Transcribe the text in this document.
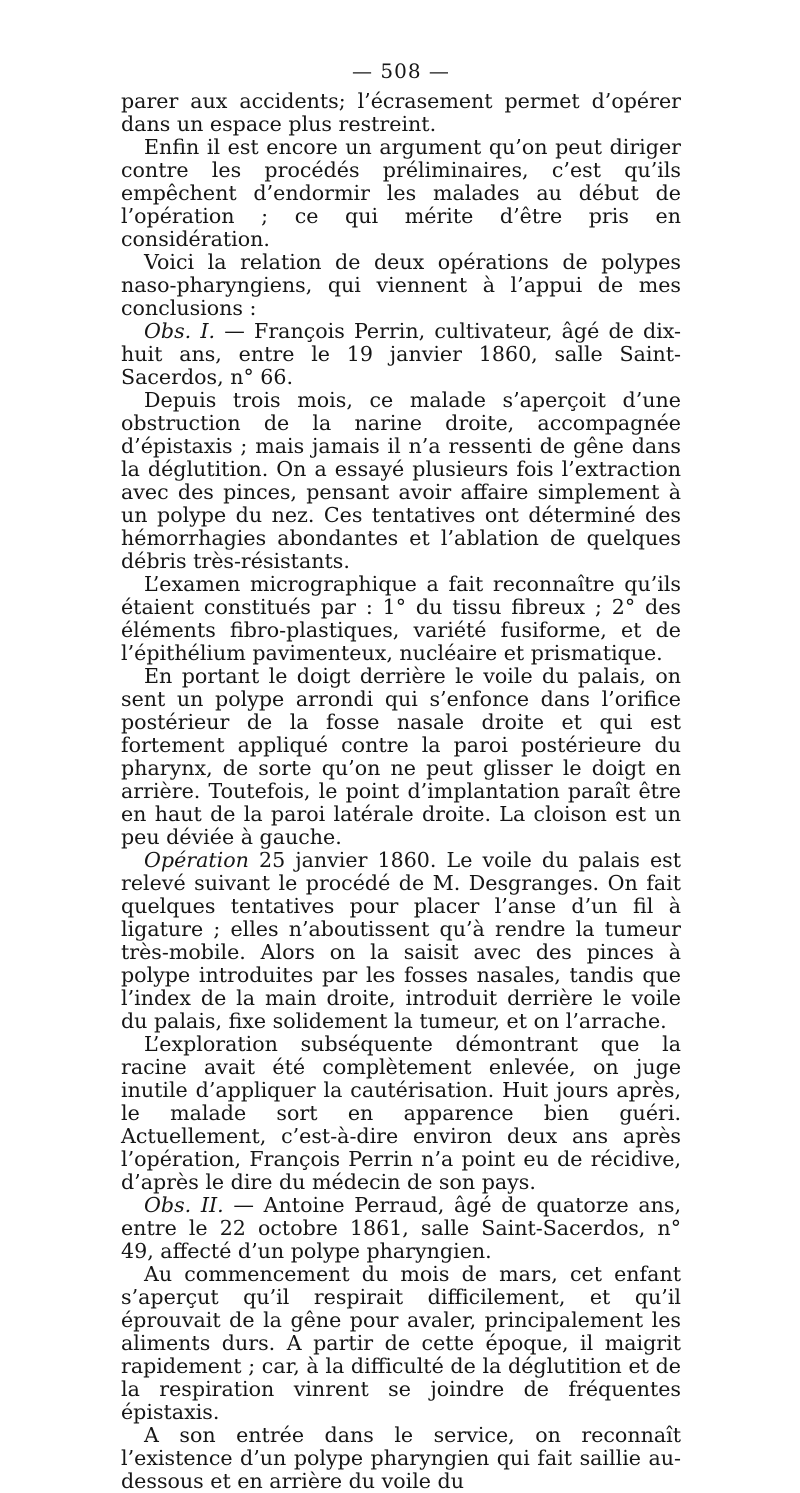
— 508 —

parer aux accidents; l’écrasement permet d’opérer dans un espace plus restreint.

Enfin il est encore un argument qu’on peut diriger contre les procédés préliminaires, c’est qu’ils empêchent d’endormir les malades au début de l’opération ; ce qui mérite d’être pris en considération.

Voici la relation de deux opérations de polypes naso-pharyngiens, qui viennent à l’appui de mes conclusions :

Obs. I. — François Perrin, cultivateur, âgé de dix-huit ans, entre le 19 janvier 1860, salle Saint-Sacerdos, n° 66.

Depuis trois mois, ce malade s’aperçoit d’une obstruction de la narine droite, accompagnée d’épistaxis ; mais jamais il n’a ressenti de gêne dans la déglutition. On a essayé plusieurs fois l’extraction avec des pinces, pensant avoir affaire simplement à un polype du nez. Ces tentatives ont déterminé des hémorrhagies abondantes et l’ablation de quelques débris très-résistants.

L’examen micrographique a fait reconnaître qu’ils étaient constitués par : 1° du tissu fibreux ; 2° des éléments fibro-plastiques, variété fusiforme, et de l’épithélium pavimenteux, nucléaire et prismatique.

En portant le doigt derrière le voile du palais, on sent un polype arrondi qui s’enfonce dans l’orifice postérieur de la fosse nasale droite et qui est fortement appliqué contre la paroi postérieure du pharynx, de sorte qu’on ne peut glisser le doigt en arrière. Toutefois, le point d’implantation paraît être en haut de la paroi latérale droite. La cloison est un peu déviée à gauche.

Opération 25 janvier 1860. Le voile du palais est relevé suivant le procédé de M. Desgranges. On fait quelques tentatives pour placer l’anse d’un fil à ligature ; elles n’aboutissent qu’à rendre la tumeur très-mobile. Alors on la saisit avec des pinces à polype introduites par les fosses nasales, tandis que l’index de la main droite, introduit derrière le voile du palais, fixe solidement la tumeur, et on l’arrache.

L’exploration subséquente démontrant que la racine avait été complètement enlevée, on juge inutile d’appliquer la cautérisation. Huit jours après, le malade sort en apparence bien guéri. Actuellement, c’est-à-dire environ deux ans après l’opération, François Perrin n’a point eu de récidive, d’après le dire du médecin de son pays.

Obs. II. — Antoine Perraud, âgé de quatorze ans, entre le 22 octobre 1861, salle Saint-Sacerdos, n° 49, affecté d’un polype pharyngien.

Au commencement du mois de mars, cet enfant s’aperçut qu’il respirait difficilement, et qu’il éprouvait de la gêne pour avaler, principalement les aliments durs. A partir de cette époque, il maigrit rapidement ; car, à la difficulté de la déglutition et de la respiration vinrent se joindre de fréquentes épistaxis.

A son entrée dans le service, on reconnaît l’existence d’un polype pharyngien qui fait saillie au-dessous et en arrière du voile du
